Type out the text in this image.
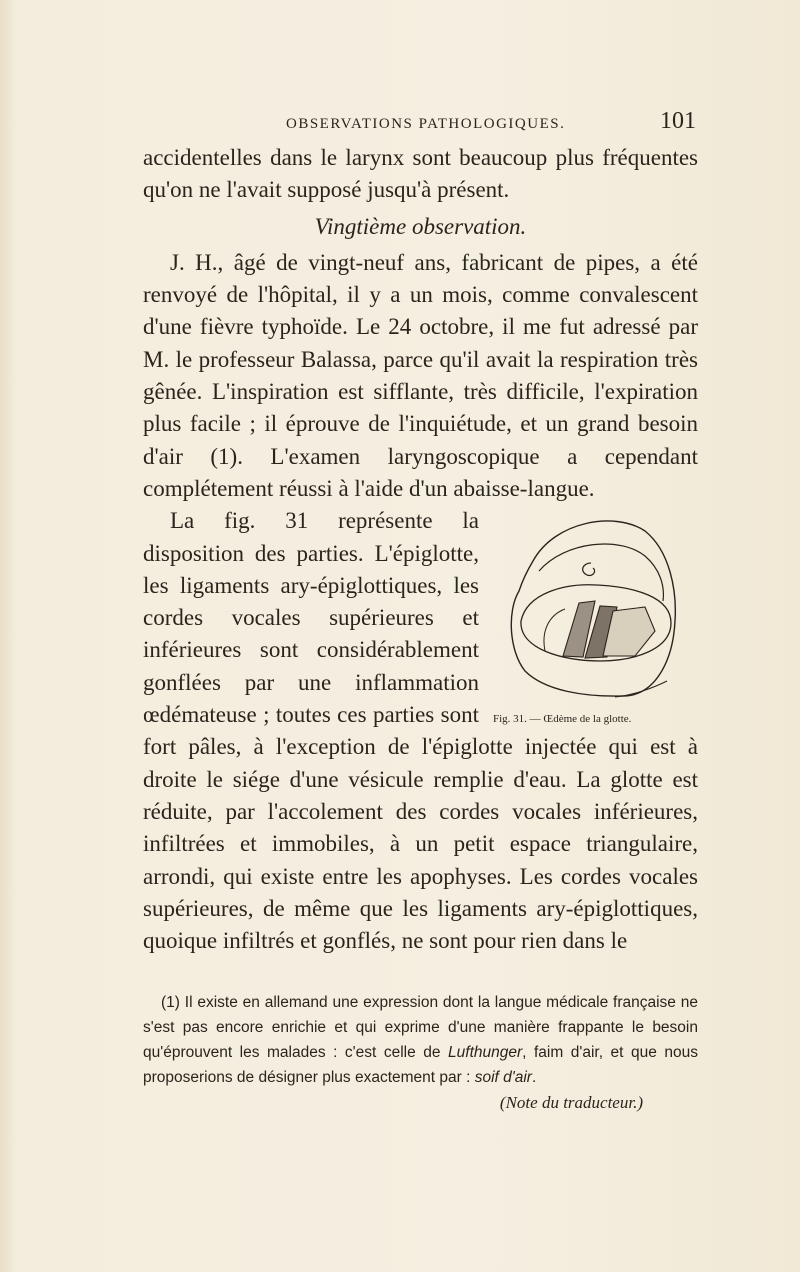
OBSERVATIONS PATHOLOGIQUES.	101

accidentelles dans le larynx sont beaucoup plus fréquentes qu'on ne l'avait supposé jusqu'à présent.

Vingtième observation.

J. H., âgé de vingt-neuf ans, fabricant de pipes, a été renvoyé de l'hôpital, il y a un mois, comme convalescent d'une fièvre typhoïde. Le 24 octobre, il me fut adressé par M. le professeur Balassa, parce qu'il avait la respiration très gênée. L'inspiration est sifflante, très difficile, l'expiration plus facile ; il éprouve de l'inquiétude, et un grand besoin d'air (1). L'examen laryngoscopique a cependant complétement réussi à l'aide d'un abaisse-langue.

Fig. 31. — Œdème de la glotte.

La fig. 31 représente la disposition des parties. L'épiglotte, les ligaments ary-épiglottiques, les cordes vocales supérieures et inférieures sont considérablement gonflées par une inflammation œdémateuse ; toutes ces parties sont fort pâles, à l'exception de l'épiglotte injectée qui est à droite le siége d'une vésicule remplie d'eau. La glotte est réduite, par l'accolement des cordes vocales inférieures, infiltrées et immobiles, à un petit espace triangulaire, arrondi, qui existe entre les apophyses. Les cordes vocales supérieures, de même que les ligaments ary-épiglottiques, quoique infiltrés et gonflés, ne sont pour rien dans le

(1) Il existe en allemand une expression dont la langue médicale française ne s'est pas encore enrichie et qui exprime d'une manière frappante le besoin qu'éprouvent les malades : c'est celle de Lufthunger, faim d'air, et que nous proposerions de désigner plus exactement par : soif d'air.

(Note du traducteur.)
